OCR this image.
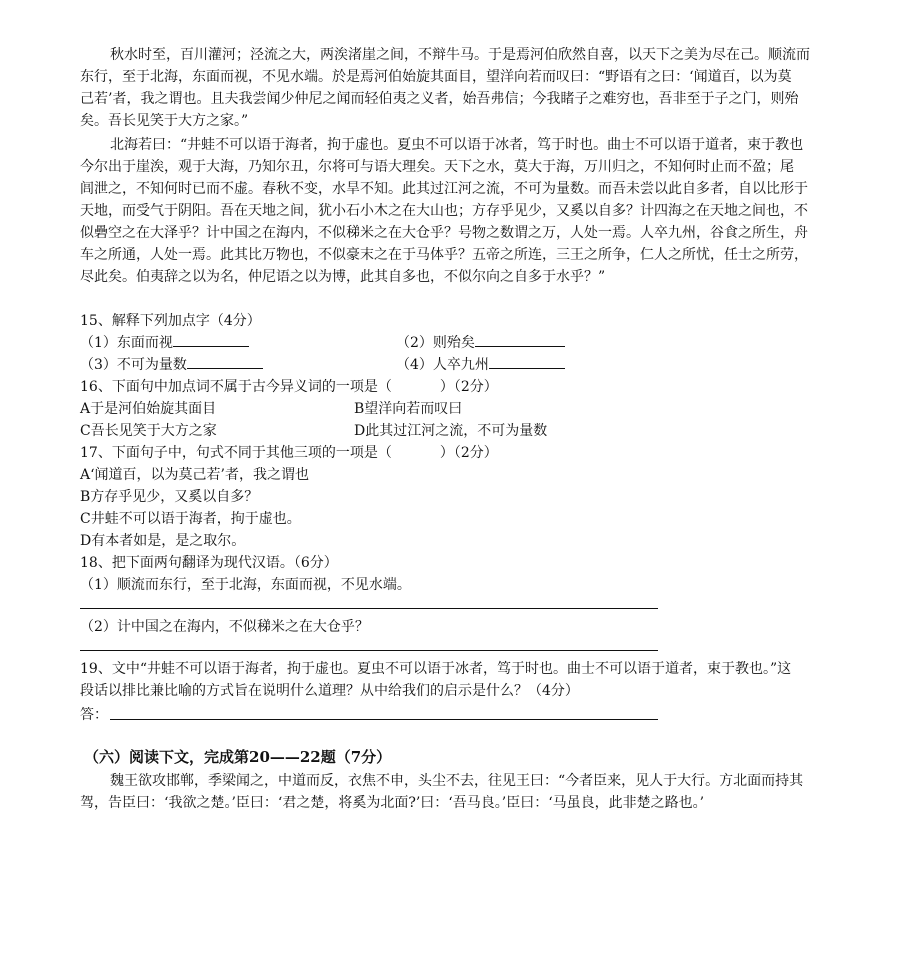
秋水时至，百川灌河；泾流之大，两涘渚崖之间，不辩牛马。于是焉河伯欣然自喜，以天下之美为尽在己。顺流而
东行，至于北海，东面而视，不见水端。於是焉河伯始旋其面目，望洋向若而叹曰：“野语有之曰：‘闻道百，以为莫
己若’者，我之谓也。且夫我尝闻少仲尼之闻而轻伯夷之义者，始吾弗信；今我睹子之难穷也，吾非至于子之门，则殆
矣。吾长见笑于大方之家。”
北海若曰：“井蛙不可以语于海者，拘于虚也。夏虫不可以语于冰者，笃于时也。曲士不可以语于道者，束于教也
今尔出于崖涘，观于大海，乃知尔丑，尔将可与语大理矣。天下之水，莫大于海，万川归之，不知何时止而不盈；尾
闾泄之，不知何时已而不虚。春秋不变，水旱不知。此其过江河之流，不可为量数。而吾未尝以此自多者，自以比形于
天地，而受气于阴阳。吾在天地之间，犹小石小木之在大山也；方存乎见少，又奚以自多？计四海之在天地之间也，不
似礨空之在大泽乎？计中国之在海内，不似稊米之在大仓乎？号物之数谓之万，人处一焉。人卒九州，谷食之所生，舟
车之所通，人处一焉。此其比万物也，不似豪末之在于马体乎？五帝之所连，三王之所争，仁人之所忧，任士之所劳，
尽此矣。伯夷辞之以为名，仲尼语之以为博，此其自多也，不似尔向之自多于水乎？”
15、解释下列加点字（4分）
（1）东面而视	（2）则殆矣
（3）不可为量数	（4）人卒九州
16、下面句中加点词不属于古今异义词的一项是（	）（2分）
A于是河伯始旋其面目	B望洋向若而叹曰
C吾长见笑于大方之家	D此其过江河之流，不可为量数
17、下面句子中，句式不同于其他三项的一项是（	）（2分）
A‘闻道百，以为莫己若’者，我之谓也
B方存乎见少，又奚以自多？
C井蛙不可以语于海者，拘于虚也。
D有本者如是，是之取尔。
18、把下面两句翻译为现代汉语。（6分）
（1）顺流而东行，至于北海，东面而视，不见水端。
（2）计中国之在海内，不似稊米之在大仓乎？
19、文中“井蛙不可以语于海者，拘于虚也。夏虫不可以语于冰者，笃于时也。曲士不可以语于道者，束于教也。”这
段话以排比兼比喻的方式旨在说明什么道理？从中给我们的启示是什么？（4分）
答：
（六）阅读下文，完成第20——22题（7分）
魏王欲攻邯郸，季梁闻之，中道而反，衣焦不申，头尘不去，往见王曰：“今者臣来，见人于大行。方北面而持其
驾，告臣曰：‘我欲之楚。’臣曰：‘君之楚，将奚为北面?’曰：‘吾马良。’臣曰：‘马虽良，此非楚之路也。’
